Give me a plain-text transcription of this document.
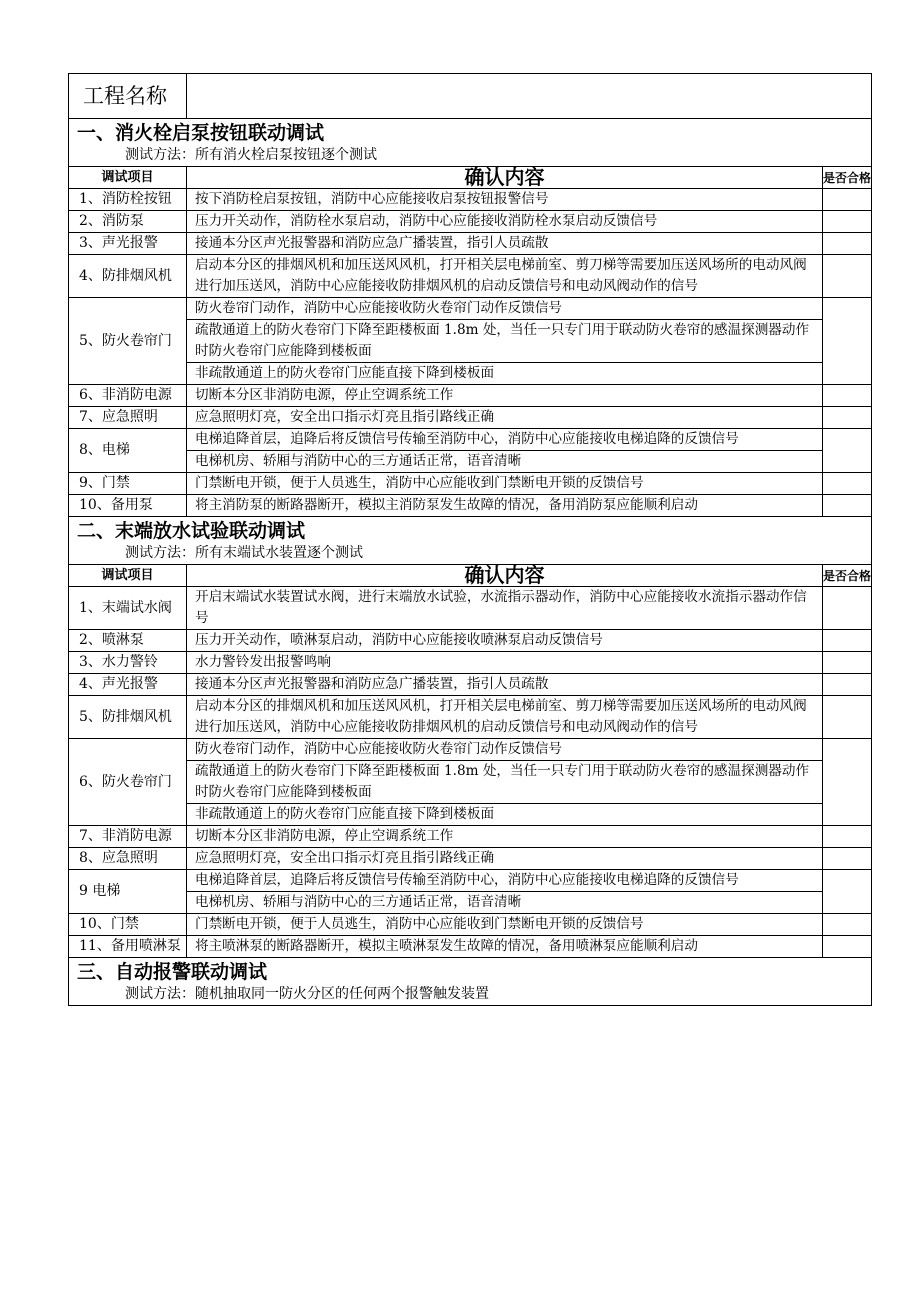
工程名称		

一、消火栓启泵按钮联动调试
测试方法：所有消火栓启泵按钮逐个测试		

调试项目	确认内容	是否合格
1、消防栓按钮	按下消防栓启泵按钮，消防中心应能接收启泵按钮报警信号	
2、消防泵	压力开关动作，消防栓水泵启动，消防中心应能接收消防栓水泵启动反馈信号	
3、声光报警	接通本分区声光报警器和消防应急广播装置，指引人员疏散	
4、防排烟风机	启动本分区的排烟风机和加压送风风机，打开相关层电梯前室、剪刀梯等需要加压送风场所的电动风阀进行加压送风，消防中心应能接收防排烟风机的启动反馈信号和电动风阀动作的信号	
5、防火卷帘门	防火卷帘门动作，消防中心应能接收防火卷帘门动作反馈信号	
	疏散通道上的防火卷帘门下降至距楼板面 1.8m 处，当任一只专门用于联动防火卷帘的感温探测器动作时防火卷帘门应能降到楼板面	
	非疏散通道上的防火卷帘门应能直接下降到楼板面	
6、非消防电源	切断本分区非消防电源，停止空调系统工作	
7、应急照明	应急照明灯亮，安全出口指示灯亮且指引路线正确	
8、电梯	电梯追降首层，追降后将反馈信号传输至消防中心，消防中心应能接收电梯追降的反馈信号	
	电梯机房、轿厢与消防中心的三方通话正常，语音清晰	
9、门禁	门禁断电开锁，便于人员逃生，消防中心应能收到门禁断电开锁的反馈信号	
10、备用泵	将主消防泵的断路器断开，模拟主消防泵发生故障的情况，备用消防泵应能顺利启动	

二、末端放水试验联动调试
测试方法：所有末端试水装置逐个测试		

调试项目	确认内容	是否合格
1、末端试水阀	开启末端试水装置试水阀，进行末端放水试验，水流指示器动作，消防中心应能接收水流指示器动作信号	
2、喷淋泵	压力开关动作，喷淋泵启动，消防中心应能接收喷淋泵启动反馈信号	
3、水力警铃	水力警铃发出报警鸣响	
4、声光报警	接通本分区声光报警器和消防应急广播装置，指引人员疏散	
5、防排烟风机	启动本分区的排烟风机和加压送风风机，打开相关层电梯前室、剪刀梯等需要加压送风场所的电动风阀进行加压送风，消防中心应能接收防排烟风机的启动反馈信号和电动风阀动作的信号	
6、防火卷帘门	防火卷帘门动作，消防中心应能接收防火卷帘门动作反馈信号	
	疏散通道上的防火卷帘门下降至距楼板面 1.8m 处，当任一只专门用于联动防火卷帘的感温探测器动作时防火卷帘门应能降到楼板面	
	非疏散通道上的防火卷帘门应能直接下降到楼板面	
7、非消防电源	切断本分区非消防电源，停止空调系统工作	
8、应急照明	应急照明灯亮，安全出口指示灯亮且指引路线正确	
9 电梯	电梯追降首层，追降后将反馈信号传输至消防中心，消防中心应能接收电梯追降的反馈信号	
	电梯机房、轿厢与消防中心的三方通话正常，语音清晰	
10、门禁	门禁断电开锁，便于人员逃生，消防中心应能收到门禁断电开锁的反馈信号	
11、备用喷淋泵	将主喷淋泵的断路器断开，模拟主喷淋泵发生故障的情况，备用喷淋泵应能顺利启动	

三、自动报警联动调试
测试方法：随机抽取同一防火分区的任何两个报警触发装置		
